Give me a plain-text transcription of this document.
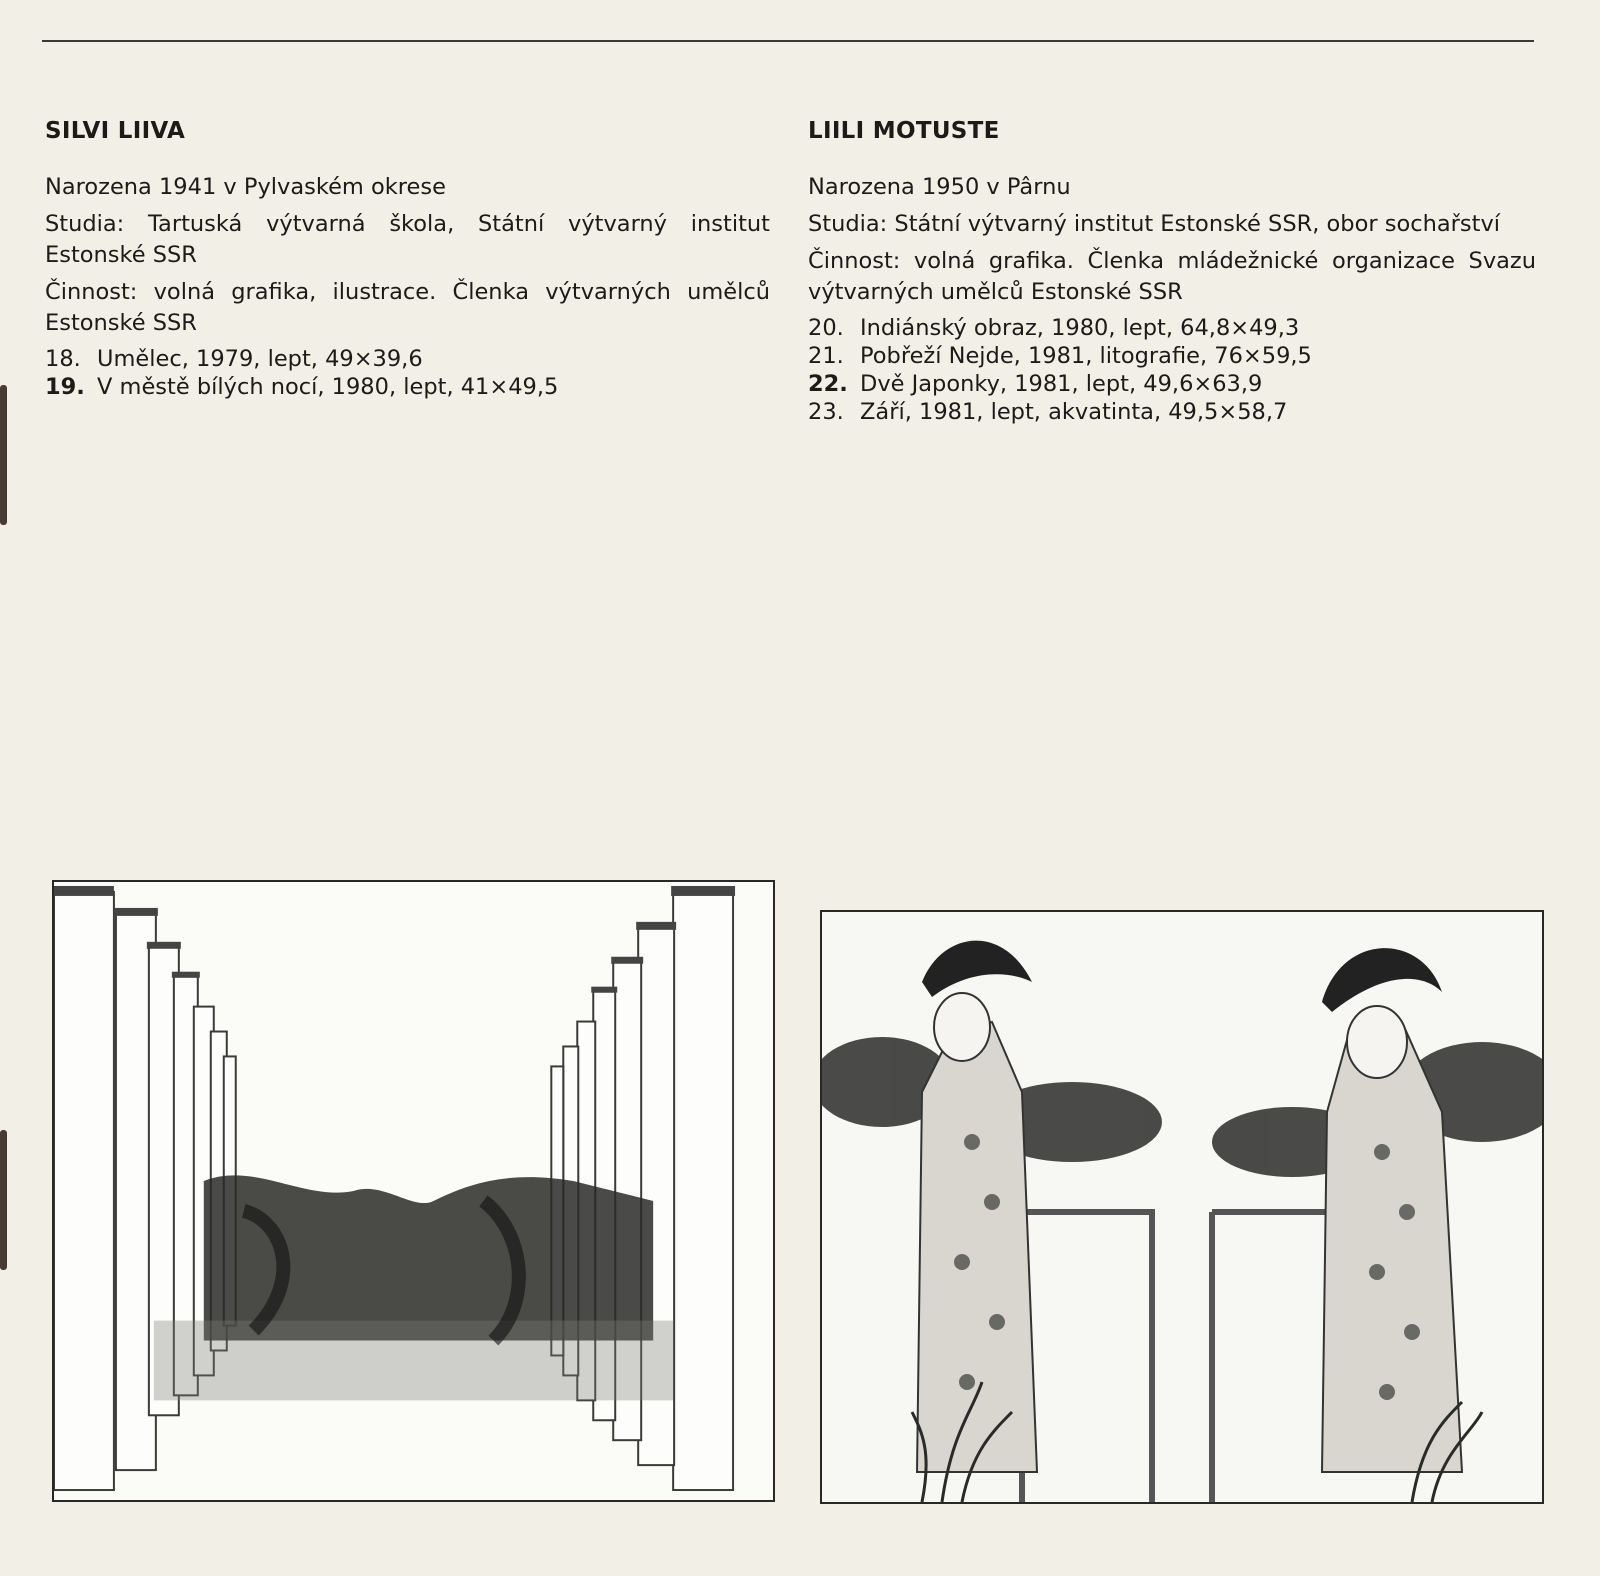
SILVI LIIVA

Narozena 1941 v Pylvaském okrese

Studia: Tartuská výtvarná škola, Státní výtvarný institut Estonské SSR

Činnost: volná grafika, ilustrace. Členka výtvarných umělců Estonské SSR

18. Umělec, 1979, lept, 49⨯39,6
19. V městě bílých nocí, 1980, lept, 41⨯49,5
LIILI MOTUSTE

Narozena 1950 v Pârnu

Studia: Státní výtvarný institut Estonské SSR, obor sochařství

Činnost: volná grafika. Členka mládežnické organizace Svazu výtvarných umělců Estonské SSR

20. Indiánský obraz, 1980, lept, 64,8⨯49,3
21. Pobřeží Nejde, 1981, litografie, 76⨯59,5
22. Dvě Japonky, 1981, lept, 49,6⨯63,9
23. Září, 1981, lept, akvatinta, 49,5⨯58,7
